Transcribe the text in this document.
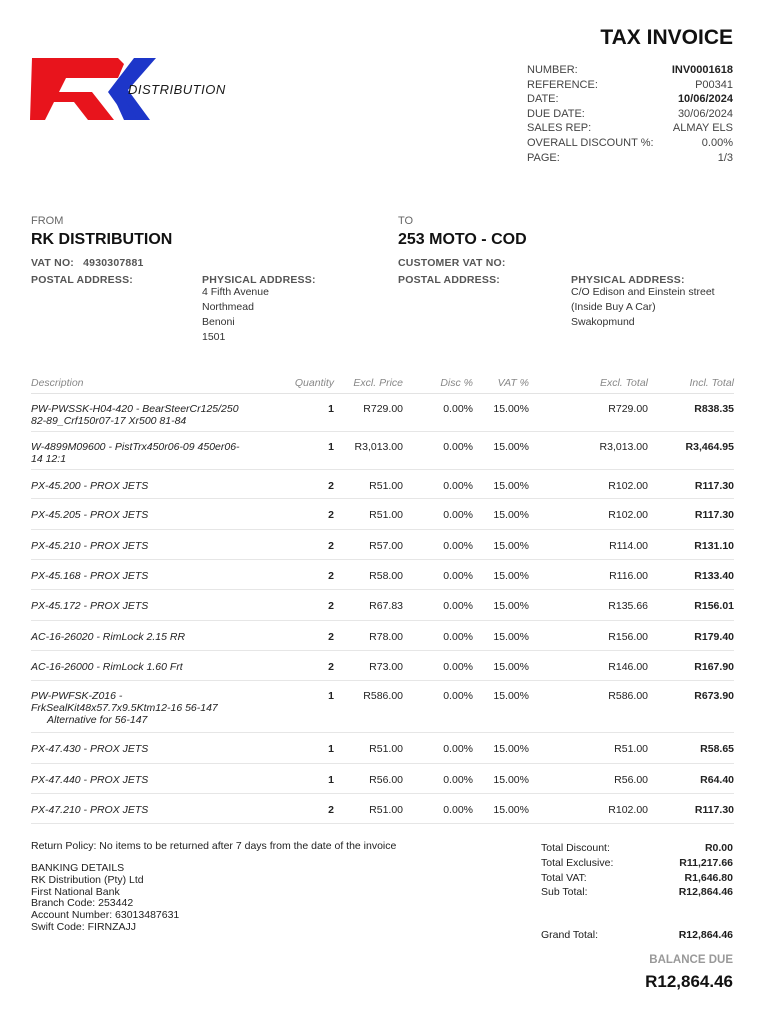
DISTRIBUTION
TAX INVOICE
NUMBER:	INV0001618
REFERENCE:	P00341
DATE:	10/06/2024
DUE DATE:	30/06/2024
SALES REP:	ALMAY ELS
OVERALL DISCOUNT %:	0.00%
PAGE:	1/3
FROM
RK DISTRIBUTION
VAT NO: 4930307881
POSTAL ADDRESS:	PHYSICAL ADDRESS:
4 Fifth Avenue
Northmead
Benoni
1501
TO
253 MOTO - COD
CUSTOMER VAT NO:
POSTAL ADDRESS:	PHYSICAL ADDRESS:
C/O Edison and Einstein street
(Inside Buy A Car)
Swakopmund
Description	Quantity	Excl. Price	Disc %	VAT %	Excl. Total	Incl. Total
PW-PWSSK-H04-420 - BearSteerCr125/250
82-89_Crf150r07-17 Xr500 81-84
1	R729.00	0.00%	15.00%	R729.00	R838.35
W-4899M09600 - PistTrx450r06-09 450er06-
14 12:1
1	R3,013.00	0.00%	15.00%	R3,013.00	R3,464.95
PX-45.200 - PROX JETS	2	R51.00	0.00%	15.00%	R102.00	R117.30
PX-45.205 - PROX JETS	2	R51.00	0.00%	15.00%	R102.00	R117.30
PX-45.210 - PROX JETS	2	R57.00	0.00%	15.00%	R114.00	R131.10
PX-45.168 - PROX JETS	2	R58.00	0.00%	15.00%	R116.00	R133.40
PX-45.172 - PROX JETS	2	R67.83	0.00%	15.00%	R135.66	R156.01
AC-16-26020 - RimLock 2.15 RR	2	R78.00	0.00%	15.00%	R156.00	R179.40
AC-16-26000 - RimLock 1.60 Frt	2	R73.00	0.00%	15.00%	R146.00	R167.90
PW-PWFSK-Z016 -
FrkSealKit48x57.7x9.5Ktm12-16 56-147
Alternative for 56-147
1	R586.00	0.00%	15.00%	R586.00	R673.90
PX-47.430 - PROX JETS	1	R51.00	0.00%	15.00%	R51.00	R58.65
PX-47.440 - PROX JETS	1	R56.00	0.00%	15.00%	R56.00	R64.40
PX-47.210 - PROX JETS	2	R51.00	0.00%	15.00%	R102.00	R117.30
Return Policy: No items to be returned after 7 days from the date of the invoice
BANKING DETAILS
RK Distribution (Pty) Ltd
First National Bank
Branch Code: 253442
Account Number: 63013487631
Swift Code: FIRNZAJJ
Total Discount:	R0.00
Total Exclusive:	R11,217.66
Total VAT:	R1,646.80
Sub Total:	R12,864.46
Grand Total:	R12,864.46
BALANCE DUE
R12,864.46
